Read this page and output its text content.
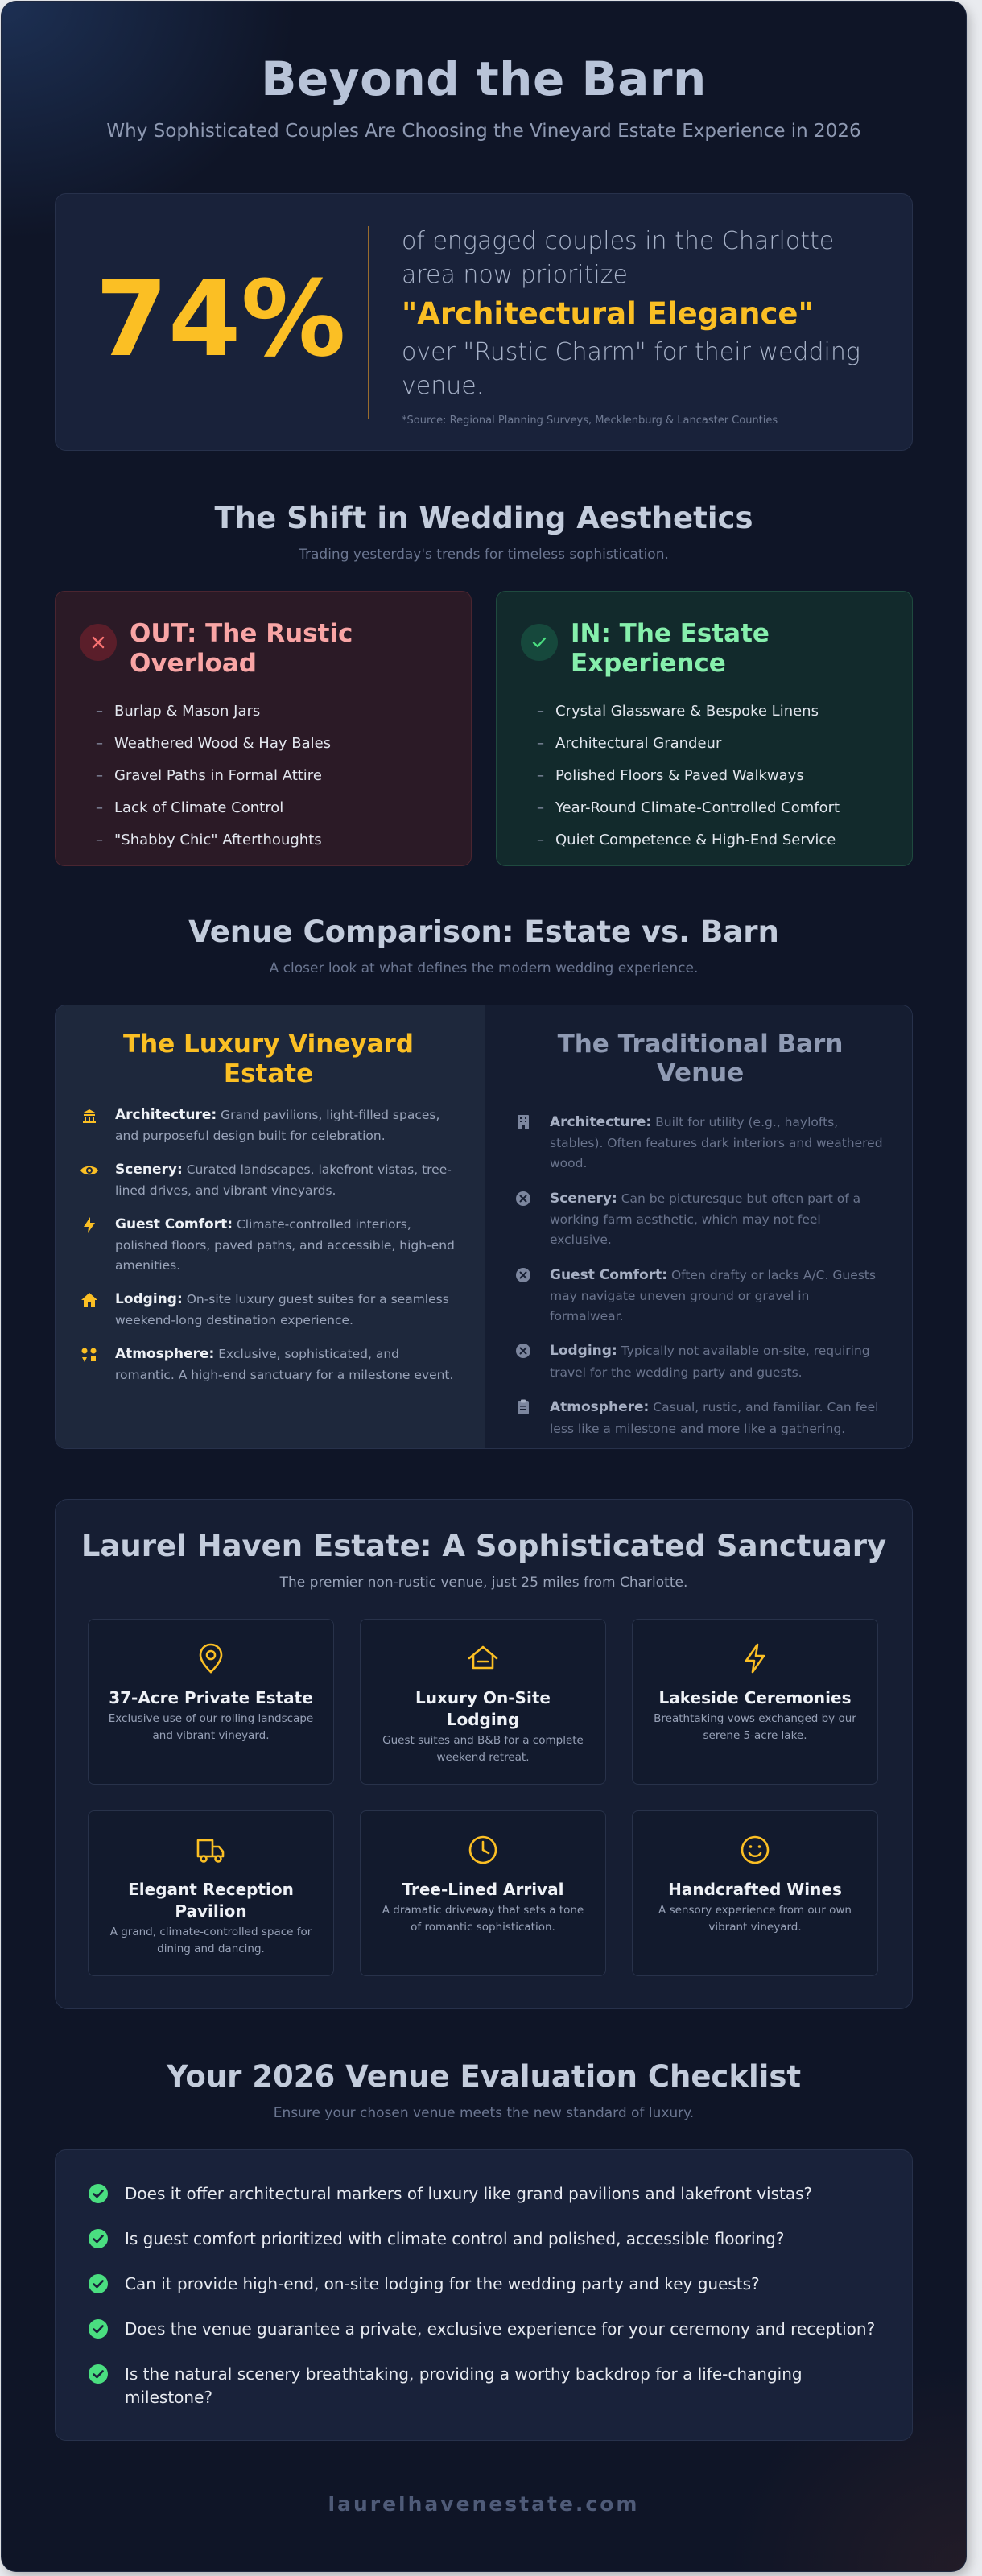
Beyond the Barn
Why Sophisticated Couples Are Choosing the Vineyard Estate Experience in 2026
74%
of engaged couples in the Charlotte area now prioritize
"Architectural Elegance"
over "Rustic Charm" for their wedding venue.
*Source: Regional Planning Surveys, Mecklenburg & Lancaster Counties
The Shift in Wedding Aesthetics
Trading yesterday's trends for timeless sophistication.
OUT: The Rustic Overload
– Burlap & Mason Jars
– Weathered Wood & Hay Bales
– Gravel Paths in Formal Attire
– Lack of Climate Control
– "Shabby Chic" Afterthoughts
IN: The Estate Experience
– Crystal Glassware & Bespoke Linens
– Architectural Grandeur
– Polished Floors & Paved Walkways
– Year-Round Climate-Controlled Comfort
– Quiet Competence & High-End Service
Venue Comparison: Estate vs. Barn
A closer look at what defines the modern wedding experience.
The Luxury Vineyard Estate
Architecture: Grand pavilions, light-filled spaces, and purposeful design built for celebration.
Scenery: Curated landscapes, lakefront vistas, tree-lined drives, and vibrant vineyards.
Guest Comfort: Climate-controlled interiors, polished floors, paved paths, and accessible, high-end amenities.
Lodging: On-site luxury guest suites for a seamless weekend-long destination experience.
Atmosphere: Exclusive, sophisticated, and romantic. A high-end sanctuary for a milestone event.
The Traditional Barn Venue
Architecture: Built for utility (e.g., haylofts, stables). Often features dark interiors and weathered wood.
Scenery: Can be picturesque but often part of a working farm aesthetic, which may not feel exclusive.
Guest Comfort: Often drafty or lacks A/C. Guests may navigate uneven ground or gravel in formalwear.
Lodging: Typically not available on-site, requiring travel for the wedding party and guests.
Atmosphere: Casual, rustic, and familiar. Can feel less like a milestone and more like a gathering.
Laurel Haven Estate: A Sophisticated Sanctuary
The premier non-rustic venue, just 25 miles from Charlotte.
37-Acre Private Estate
Exclusive use of our rolling landscape and vibrant vineyard.
Luxury On-Site Lodging
Guest suites and B&B for a complete weekend retreat.
Lakeside Ceremonies
Breathtaking vows exchanged by our serene 5-acre lake.
Elegant Reception Pavilion
A grand, climate-controlled space for dining and dancing.
Tree-Lined Arrival
A dramatic driveway that sets a tone of romantic sophistication.
Handcrafted Wines
A sensory experience from our own vibrant vineyard.
Your 2026 Venue Evaluation Checklist
Ensure your chosen venue meets the new standard of luxury.
Does it offer architectural markers of luxury like grand pavilions and lakefront vistas?
Is guest comfort prioritized with climate control and polished, accessible flooring?
Can it provide high-end, on-site lodging for the wedding party and key guests?
Does the venue guarantee a private, exclusive experience for your ceremony and reception?
Is the natural scenery breathtaking, providing a worthy backdrop for a life-changing milestone?
laurelhavenestate.com
